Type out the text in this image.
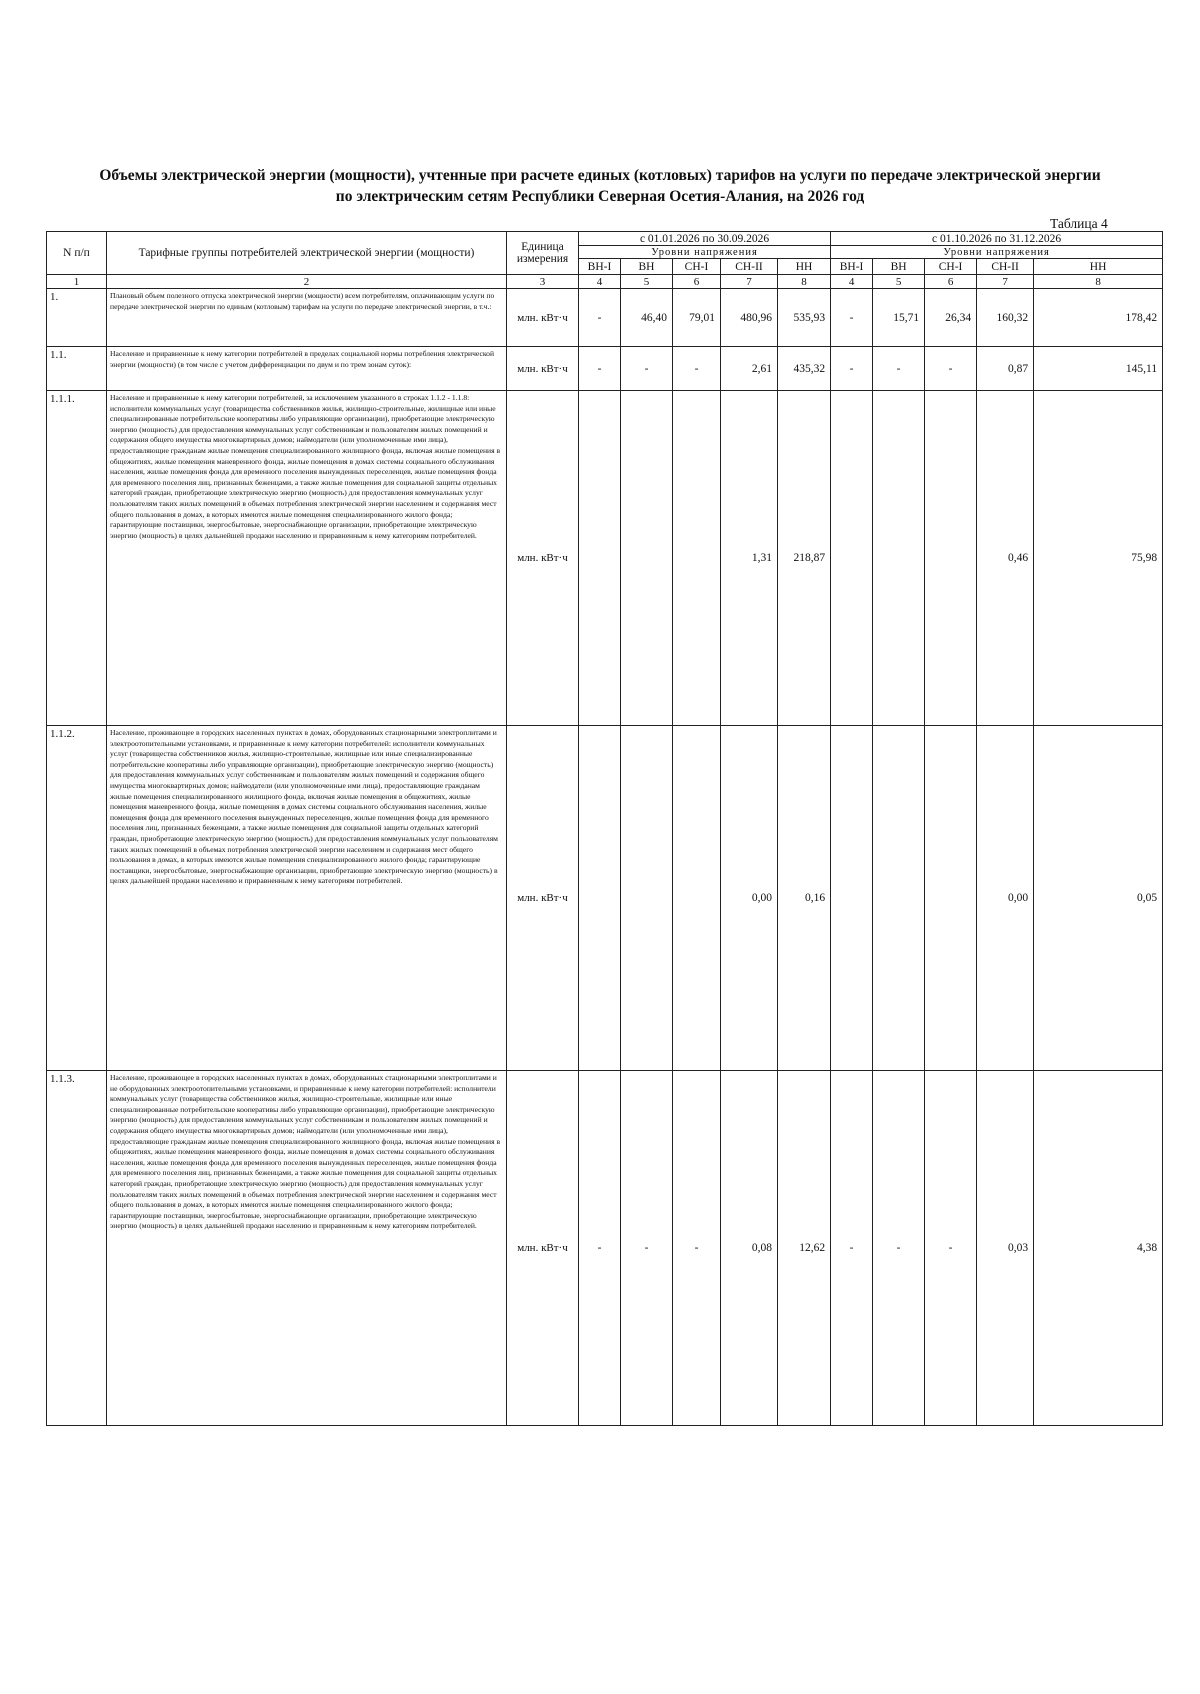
Объемы электрической энергии (мощности), учтенные при расчете единых (котловых) тарифов на услуги по передаче электрической энергии
по электрическим сетям Республики Северная Осетия-Алания, на 2026 год
Таблица 4
N п/п	Тарифные группы потребителей электрической энергии (мощности)	Единица измерения	с 01.01.2026 по 30.09.2026					с 01.10.2026 по 31.12.2026				
			Уровни напряжения					Уровни напряжения				
			ВН-I	ВН	СН-I	СН-II	НН	ВН-I	ВН	СН-I	СН-II	НН
1	2	3	4	5	6	7	8	4	5	6	7	8
1.	Плановый объем полезного отпуска электрической энергии (мощности) всем потребителям, оплачивающим услуги по передаче электрической энергии по единым (котловым) тарифам на услуги по передаче электрической энергии, в т.ч.:	млн. кВт·ч	-	46,40	79,01	480,96	535,93	-	15,71	26,34	160,32	178,42
1.1.	Население и приравненные к нему категории потребителей в пределах социальной нормы потребления электрической энергии (мощности) (в том числе с учетом дифференциации по двум и по трем зонам суток):	млн. кВт·ч	-	-	-	2,61	435,32	-	-	-	0,87	145,11
1.1.1.	Население и приравненные к нему категории потребителей, за исключением указанного в строках 1.1.2 - 1.1.8: исполнители коммунальных услуг (товарищества собственников жилья, жилищно-строительные, жилищные или иные специализированные потребительские кооперативы либо управляющие организации), приобретающие электрическую энергию (мощность) для предоставления коммунальных услуг собственникам и пользователям жилых помещений и содержания общего имущества многоквартирных домов; наймодатели (или уполномоченные ими лица), предоставляющие гражданам жилые помещения специализированного жилищного фонда, включая жилые помещения в общежитиях, жилые помещения маневренного фонда, жилые помещения в домах системы социального обслуживания населения, жилые помещения фонда для временного поселения вынужденных переселенцев, жилые помещения фонда для временного поселения лиц, признанных беженцами, а также жилые помещения для социальной защиты отдельных категорий граждан, приобретающие электрическую энергию (мощность) для предоставления коммунальных услуг пользователям таких жилых помещений в объемах потребления электрической энергии населением и содержания мест общего пользования в домах, в которых имеются жилые помещения специализированного жилого фонда; гарантирующие поставщики, энергосбытовые, энергоснабжающие организации, приобретающие электрическую энергию (мощность) в целях дальнейшей продажи населению и приравненным к нему категориям потребителей.	млн. кВт·ч				1,31	218,87				0,46	75,98
1.1.2.	Население, проживающее в городских населенных пунктах в домах, оборудованных стационарными электроплитами и электроотопительными установками, и приравненные к нему категории потребителей: исполнители коммунальных услуг (товарищества собственников жилья, жилищно-строительные, жилищные или иные специализированные потребительские кооперативы либо управляющие организации), приобретающие электрическую энергию (мощность) для предоставления коммунальных услуг собственникам и пользователям жилых помещений и содержания общего имущества многоквартирных домов; наймодатели (или уполномоченные ими лица), предоставляющие гражданам жилые помещения специализированного жилищного фонда, включая жилые помещения в общежитиях, жилые помещения маневренного фонда, жилые помещения в домах системы социального обслуживания населения, жилые помещения фонда для временного поселения вынужденных переселенцев, жилые помещения фонда для временного поселения лиц, признанных беженцами, а также жилые помещения для социальной защиты отдельных категорий граждан, приобретающие электрическую энергию (мощность) для предоставления коммунальных услуг пользователям таких жилых помещений в объемах потребления электрической энергии населением и содержания мест общего пользования в домах, в которых имеются жилые помещения специализированного жилого фонда; гарантирующие поставщики, энергосбытовые, энергоснабжающие организации, приобретающие электрическую энергию (мощность) в целях дальнейшей продажи населению и приравненным к нему категориям потребителей.	млн. кВт·ч				0,00	0,16				0,00	0,05
1.1.3.	Население, проживающее в городских населенных пунктах в домах, оборудованных стационарными электроплитами и не оборудованных электроотопительными установками, и приравненные к нему категории потребителей: исполнители коммунальных услуг (товарищества собственников жилья, жилищно-строительные, жилищные или иные специализированные потребительские кооперативы либо управляющие организации), приобретающие электрическую энергию (мощность) для предоставления коммунальных услуг собственникам и пользователям жилых помещений и содержания общего имущества многоквартирных домов; наймодатели (или уполномоченные ими лица), предоставляющие гражданам жилые помещения специализированного жилищного фонда, включая жилые помещения в общежитиях, жилые помещения маневренного фонда, жилые помещения в домах системы социального обслуживания населения, жилые помещения фонда для временного поселения вынужденных переселенцев, жилые помещения фонда для временного поселения лиц, признанных беженцами, а также жилые помещения для социальной защиты отдельных категорий граждан, приобретающие электрическую энергию (мощность) для предоставления коммунальных услуг пользователям таких жилых помещений в объемах потребления электрической энергии населением и содержания мест общего пользования в домах, в которых имеются жилые помещения специализированного жилого фонда; гарантирующие поставщики, энергосбытовые, энергоснабжающие организации, приобретающие электрическую энергию (мощность) в целях дальнейшей продажи населению и приравненным к нему категориям потребителей.	млн. кВт·ч	-	-	-	0,08	12,62	-	-	-	0,03	4,38
